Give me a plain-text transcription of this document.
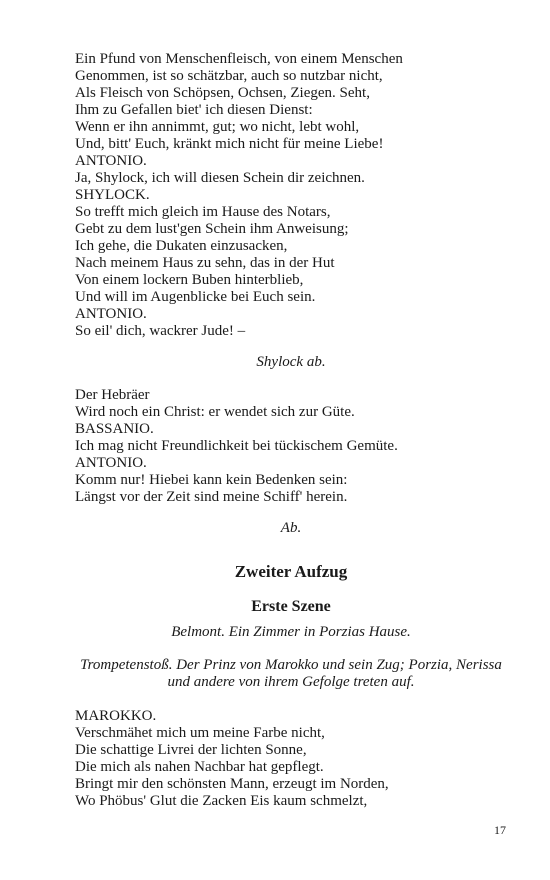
Ein Pfund von Menschenfleisch, von einem Menschen
Genommen, ist so schätzbar, auch so nutzbar nicht,
Als Fleisch von Schöpsen, Ochsen, Ziegen. Seht,
Ihm zu Gefallen biet' ich diesen Dienst:
Wenn er ihn annimmt, gut; wo nicht, lebt wohl,
Und, bitt' Euch, kränkt mich nicht für meine Liebe!
ANTONIO.
Ja, Shylock, ich will diesen Schein dir zeichnen.
SHYLOCK.
So trefft mich gleich im Hause des Notars,
Gebt zu dem lust'gen Schein ihm Anweisung;
Ich gehe, die Dukaten einzusacken,
Nach meinem Haus zu sehn, das in der Hut
Von einem lockern Buben hinterblieb,
Und will im Augenblicke bei Euch sein.
ANTONIO.
So eil' dich, wackrer Jude! –
Shylock ab.
Der Hebräer
Wird noch ein Christ: er wendet sich zur Güte.
BASSANIO.
Ich mag nicht Freundlichkeit bei tückischem Gemüte.
ANTONIO.
Komm nur! Hiebei kann kein Bedenken sein:
Längst vor der Zeit sind meine Schiff' herein.
Ab.
Zweiter Aufzug
Erste Szene
Belmont. Ein Zimmer in Porzias Hause.
Trompetenstoß. Der Prinz von Marokko und sein Zug; Porzia, Nerissa
und andere von ihrem Gefolge treten auf.
MAROKKO.
Verschmähet mich um meine Farbe nicht,
Die schattige Livrei der lichten Sonne,
Die mich als nahen Nachbar hat gepflegt.
Bringt mir den schönsten Mann, erzeugt im Norden,
Wo Phöbus' Glut die Zacken Eis kaum schmelzt,
17
